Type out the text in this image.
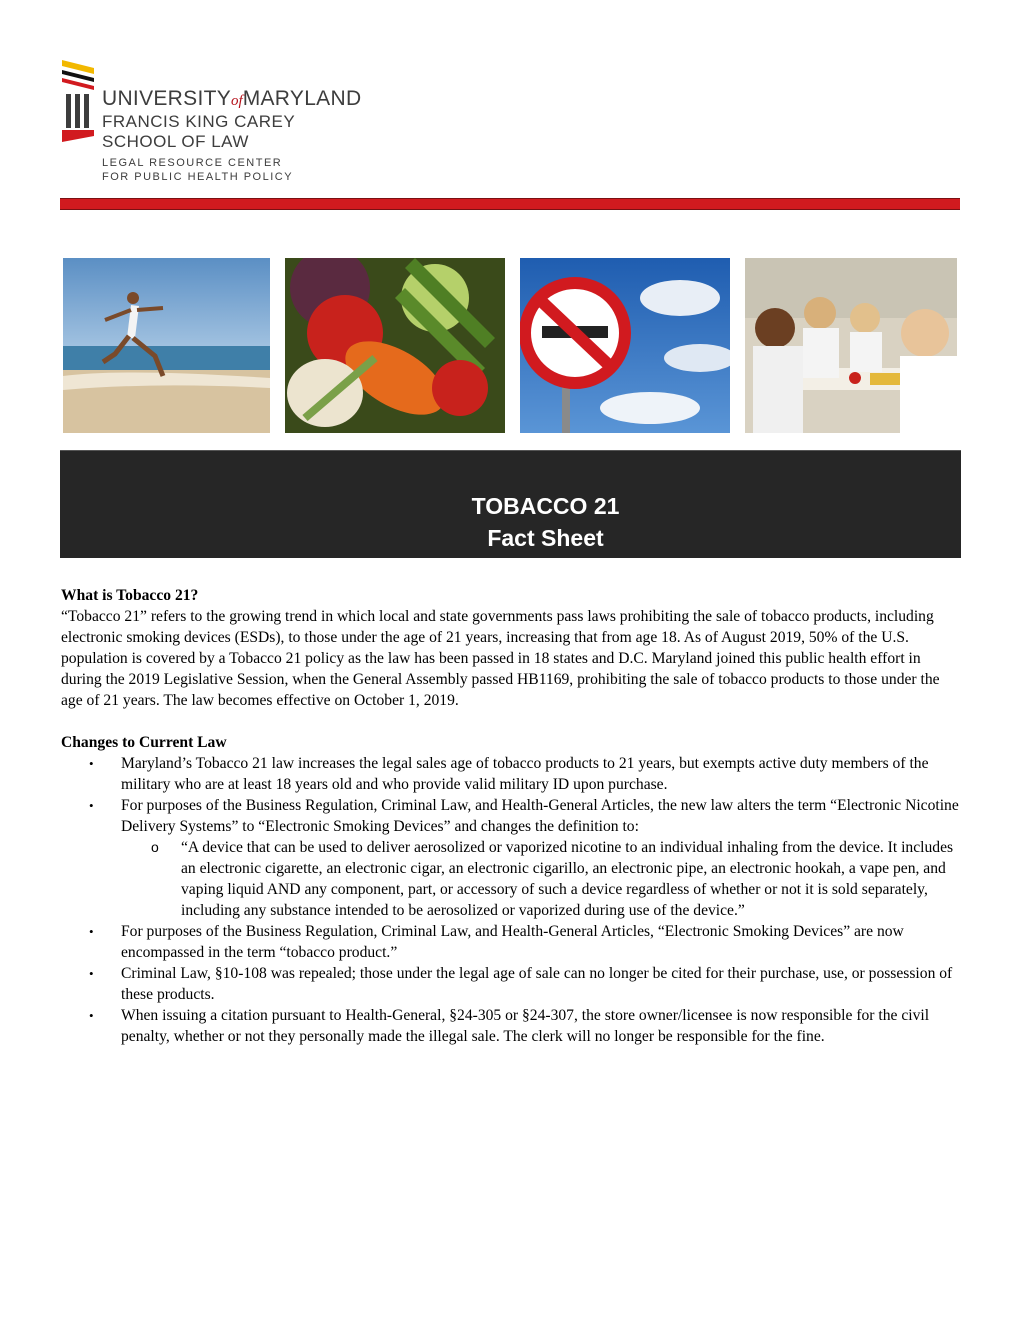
UNIVERSITYofMARYLAND
FRANCIS KING CAREY
SCHOOL OF LAW
LEGAL RESOURCE CENTER
FOR PUBLIC HEALTH POLICY
TOBACCO 21
Fact Sheet

What is Tobacco 21?

“Tobacco 21” refers to the growing trend in which local and state governments pass laws prohibiting the sale of tobacco products, including electronic smoking devices (ESDs), to those under the age of 21 years, increasing that from age 18. As of August 2019, 50% of the U.S. population is covered by a Tobacco 21 policy as the law has been passed in 18 states and D.C. Maryland joined this public health effort in during the 2019 Legislative Session, when the General Assembly passed HB1169, prohibiting the sale of tobacco products to those under the age of 21 years. The law becomes effective on October 1, 2019.

Changes to Current Law

• Maryland’s Tobacco 21 law increases the legal sales age of tobacco products to 21 years, but exempts active duty members of the military who are at least 18 years old and who provide valid military ID upon purchase.
• For purposes of the Business Regulation, Criminal Law, and Health-General Articles, the new law alters the term “Electronic Nicotine Delivery Systems” to “Electronic Smoking Devices” and changes the definition to:
o “A device that can be used to deliver aerosolized or vaporized nicotine to an individual inhaling from the device. It includes an electronic cigarette, an electronic cigar, an electronic cigarillo, an electronic pipe, an electronic hookah, a vape pen, and vaping liquid AND any component, part, or accessory of such a device regardless of whether or not it is sold separately, including any substance intended to be aerosolized or vaporized during use of the device.”
• For purposes of the Business Regulation, Criminal Law, and Health-General Articles, “Electronic Smoking Devices” are now encompassed in the term “tobacco product.”
• Criminal Law, §10-108 was repealed; those under the legal age of sale can no longer be cited for their purchase, use, or possession of these products.
• When issuing a citation pursuant to Health-General, §24-305 or §24-307, the store owner/licensee is now responsible for the civil penalty, whether or not they personally made the illegal sale. The clerk will no longer be responsible for the fine.
